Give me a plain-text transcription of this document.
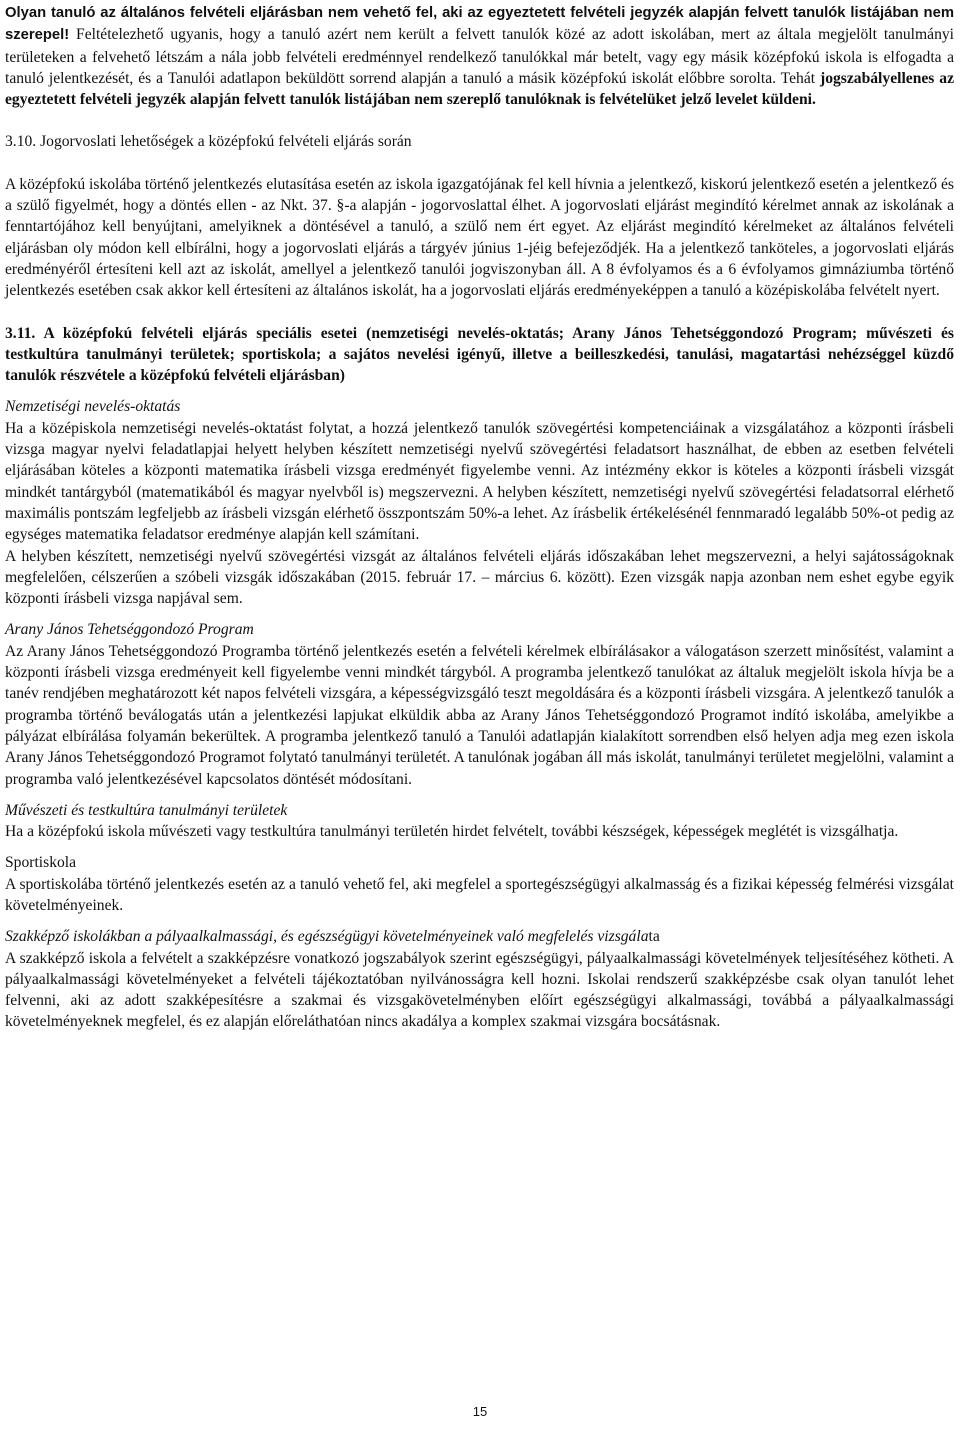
Olyan tanuló az általános felvételi eljárásban nem vehető fel, aki az egyeztetett felvételi jegyzék alapján felvett tanulók listájában nem szerepel! Feltételezhető ugyanis, hogy a tanuló azért nem került a felvett tanulók közé az adott iskolában, mert az általa megjelölt tanulmányi területeken a felvehető létszám a nála jobb felvételi eredménnyel rendelkező tanulókkal már betelt, vagy egy másik középfokú iskola is elfogadta a tanuló jelentkezését, és a Tanulói adatlapon beküldött sorrend alapján a tanuló a másik középfokú iskolát előbbre sorolta. Tehát jogszabályellenes az egyeztetett felvételi jegyzék alapján felvett tanulók listájában nem szereplő tanulóknak is felvételüket jelző levelet küldeni.

3.10. Jogorvoslati lehetőségek a középfokú felvételi eljárás során

A középfokú iskolába történő jelentkezés elutasítása esetén az iskola igazgatójának fel kell hívnia a jelentkező, kiskorú jelentkező esetén a jelentkező és a szülő figyelmét, hogy a döntés ellen - az Nkt. 37. §-a alapján - jogorvoslattal élhet. A jogorvoslati eljárást megindító kérelmet annak az iskolának a fenntartójához kell benyújtani, amelyiknek a döntésével a tanuló, a szülő nem ért egyet. Az eljárást megindító kérelmeket az általános felvételi eljárásban oly módon kell elbírálni, hogy a jogorvoslati eljárás a tárgyév június 1-jéig befejeződjék. Ha a jelentkező tanköteles, a jogorvoslati eljárás eredményéről értesíteni kell azt az iskolát, amellyel a jelentkező tanulói jogviszonyban áll. A 8 évfolyamos és a 6 évfolyamos gimnáziumba történő jelentkezés esetében csak akkor kell értesíteni az általános iskolát, ha a jogorvoslati eljárás eredményeképpen a tanuló a középiskolába felvételt nyert.

3.11. A középfokú felvételi eljárás speciális esetei (nemzetiségi nevelés-oktatás; Arany János Tehetséggondozó Program; művészeti és testkultúra tanulmányi területek; sportiskola; a sajátos nevelési igényű, illetve a beilleszkedési, tanulási, magatartási nehézséggel küzdő tanulók részvétele a középfokú felvételi eljárásban)

Nemzetiségi nevelés-oktatás

Ha a középiskola nemzetiségi nevelés-oktatást folytat, a hozzá jelentkező tanulók szövegértési kompetenciáinak a vizsgálatához a központi írásbeli vizsga magyar nyelvi feladatlapjai helyett helyben készített nemzetiségi nyelvű szövegértési feladatsort használhat, de ebben az esetben felvételi eljárásában köteles a központi matematika írásbeli vizsga eredményét figyelembe venni. Az intézmény ekkor is köteles a központi írásbeli vizsgát mindkét tantárgyból (matematikából és magyar nyelvből is) megszervezni. A helyben készített, nemzetiségi nyelvű szövegértési feladatsorral elérhető maximális pontszám legfeljebb az írásbeli vizsgán elérhető összpontszám 50%-a lehet. Az írásbelik értékelésénél fennmaradó legalább 50%-ot pedig az egységes matematika feladatsor eredménye alapján kell számítani.

A helyben készített, nemzetiségi nyelvű szövegértési vizsgát az általános felvételi eljárás időszakában lehet megszervezni, a helyi sajátosságoknak megfelelően, célszerűen a szóbeli vizsgák időszakában (2015. február 17. – március 6. között). Ezen vizsgák napja azonban nem eshet egybe egyik központi írásbeli vizsga napjával sem.

Arany János Tehetséggondozó Program

Az Arany János Tehetséggondozó Programba történő jelentkezés esetén a felvételi kérelmek elbírálásakor a válogatáson szerzett minősítést, valamint a központi írásbeli vizsga eredményeit kell figyelembe venni mindkét tárgyból. A programba jelentkező tanulókat az általuk megjelölt iskola hívja be a tanév rendjében meghatározott két napos felvételi vizsgára, a képességvizsgáló teszt megoldására és a központi írásbeli vizsgára. A jelentkező tanulók a programba történő beválogatás után a jelentkezési lapjukat elküldik abba az Arany János Tehetséggondozó Programot indító iskolába, amelyikbe a pályázat elbírálása folyamán bekerültek. A programba jelentkező tanuló a Tanulói adatlapján kialakított sorrendben első helyen adja meg ezen iskola Arany János Tehetséggondozó Programot folytató tanulmányi területét. A tanulónak jogában áll más iskolát, tanulmányi területet megjelölni, valamint a programba való jelentkezésével kapcsolatos döntését módosítani.

Művészeti és testkultúra tanulmányi területek

Ha a középfokú iskola művészeti vagy testkultúra tanulmányi területén hirdet felvételt, további készségek, képességek meglétét is vizsgálhatja.

Sportiskola

A sportiskolába történő jelentkezés esetén az a tanuló vehető fel, aki megfelel a sportegészségügyi alkalmasság és a fizikai képesség felmérési vizsgálat követelményeinek.

Szakképző iskolákban a pályaalkalmassági, és egészségügyi követelményeinek való megfelelés vizsgálata

A szakképző iskola a felvételt a szakképzésre vonatkozó jogszabályok szerint egészségügyi, pályaalkalmassági követelmények teljesítéséhez kötheti. A pályaalkalmassági követelményeket a felvételi tájékoztatóban nyilvánosságra kell hozni. Iskolai rendszerű szakképzésbe csak olyan tanulót lehet felvenni, aki az adott szakképesítésre a szakmai és vizsgakövetelményben előírt egészségügyi alkalmassági, továbbá a pályaalkalmassági követelményeknek megfelel, és ez alapján előreláthatóan nincs akadálya a komplex szakmai vizsgára bocsátásnak.

15
